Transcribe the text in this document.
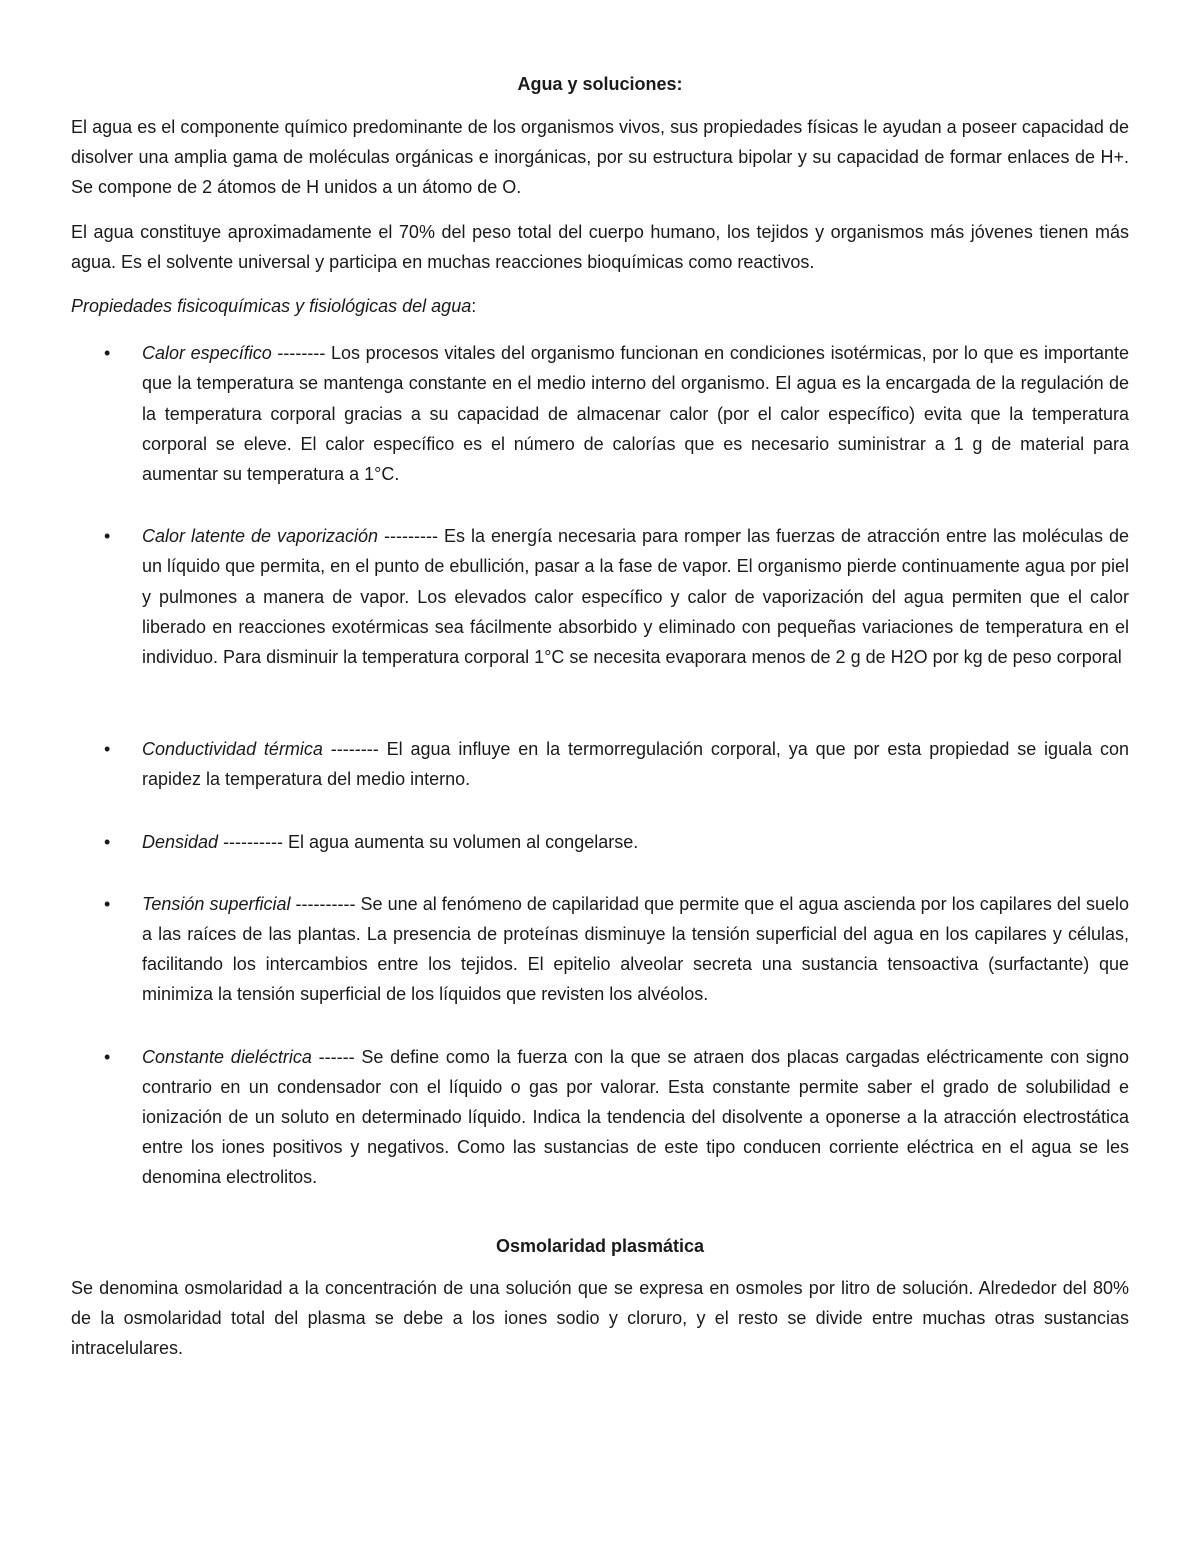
Agua y soluciones:

El agua es el componente químico predominante de los organismos vivos, sus propiedades físicas le ayudan a poseer capacidad de disolver una amplia gama de moléculas orgánicas e inorgánicas, por su estructura bipolar y su capacidad de formar enlaces de H+. Se compone de 2 átomos de H unidos a un átomo de O.

El agua constituye aproximadamente el 70% del peso total del cuerpo humano, los tejidos y organismos más jóvenes tienen más agua. Es el solvente universal y participa en muchas reacciones bioquímicas como reactivos.

Propiedades fisicoquímicas y fisiológicas del agua:

• Calor específico -------- Los procesos vitales del organismo funcionan en condiciones isotérmicas, por lo que es importante que la temperatura se mantenga constante en el medio interno del organismo. El agua es la encargada de la regulación de la temperatura corporal gracias a su capacidad de almacenar calor (por el calor específico) evita que la temperatura corporal se eleve. El calor específico es el número de calorías que es necesario suministrar a 1 g de material para aumentar su temperatura a 1°C.
• Calor latente de vaporización --------- Es la energía necesaria para romper las fuerzas de atracción entre las moléculas de un líquido que permita, en el punto de ebullición, pasar a la fase de vapor. El organismo pierde continuamente agua por piel y pulmones a manera de vapor. Los elevados calor específico y calor de vaporización del agua permiten que el calor liberado en reacciones exotérmicas sea fácilmente absorbido y eliminado con pequeñas variaciones de temperatura en el individuo. Para disminuir la temperatura corporal 1°C se necesita evaporara menos de 2 g de H2O por kg de peso corporal
• Conductividad térmica -------- El agua influye en la termorregulación corporal, ya que por esta propiedad se iguala con rapidez la temperatura del medio interno.
• Densidad ---------- El agua aumenta su volumen al congelarse.
• Tensión superficial ---------- Se une al fenómeno de capilaridad que permite que el agua ascienda por los capilares del suelo a las raíces de las plantas. La presencia de proteínas disminuye la tensión superficial del agua en los capilares y células, facilitando los intercambios entre los tejidos. El epitelio alveolar secreta una sustancia tensoactiva (surfactante) que minimiza la tensión superficial de los líquidos que revisten los alvéolos.
• Constante dieléctrica ------ Se define como la fuerza con la que se atraen dos placas cargadas eléctricamente con signo contrario en un condensador con el líquido o gas por valorar. Esta constante permite saber el grado de solubilidad e ionización de un soluto en determinado líquido. Indica la tendencia del disolvente a oponerse a la atracción electrostática entre los iones positivos y negativos. Como las sustancias de este tipo conducen corriente eléctrica en el agua se les denomina electrolitos.
Osmolaridad plasmática

Se denomina osmolaridad a la concentración de una solución que se expresa en osmoles por litro de solución. Alrededor del 80% de la osmolaridad total del plasma se debe a los iones sodio y cloruro, y el resto se divide entre muchas otras sustancias intracelulares.
